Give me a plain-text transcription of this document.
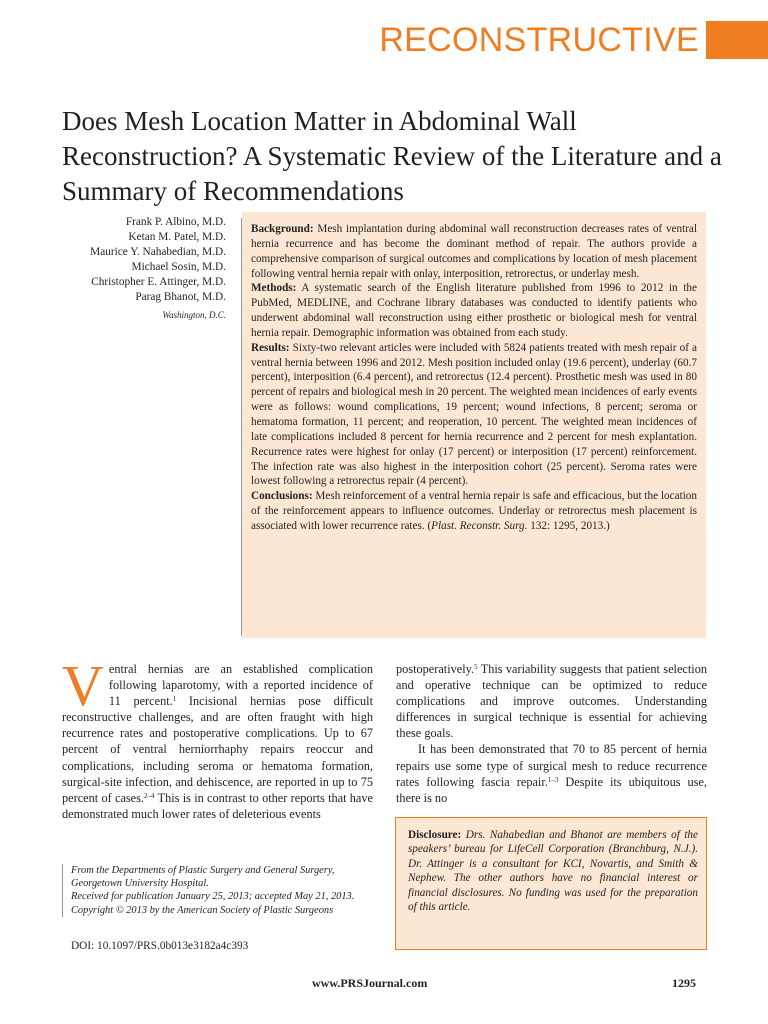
RECONSTRUCTIVE
Does Mesh Location Matter in Abdominal Wall Reconstruction? A Systematic Review of the Literature and a Summary of Recommendations
Frank P. Albino, M.D.
Ketan M. Patel, M.D.
Maurice Y. Nahabedian, M.D.
Michael Sosin, M.D.
Christopher E. Attinger, M.D.
Parag Bhanot, M.D.
Washington, D.C.

Background: Mesh implantation during abdominal wall reconstruction decreases rates of ventral hernia recurrence and has become the dominant method of repair. The authors provide a comprehensive comparison of surgical outcomes and complications by location of mesh placement following ventral hernia repair with onlay, interposition, retrorectus, or underlay mesh.

Methods: A systematic search of the English literature published from 1996 to 2012 in the PubMed, MEDLINE, and Cochrane library databases was conducted to identify patients who underwent abdominal wall reconstruction using either prosthetic or biological mesh for ventral hernia repair. Demographic information was obtained from each study.

Results: Sixty-two relevant articles were included with 5824 patients treated with mesh repair of a ventral hernia between 1996 and 2012. Mesh position included onlay (19.6 percent), underlay (60.7 percent), interposition (6.4 percent), and retrorectus (12.4 percent). Prosthetic mesh was used in 80 percent of repairs and biological mesh in 20 percent. The weighted mean incidences of early events were as follows: wound complications, 19 percent; wound infections, 8 percent; seroma or hematoma formation, 11 percent; and reoperation, 10 percent. The weighted mean incidences of late complications included 8 percent for hernia recurrence and 2 percent for mesh explantation. Recurrence rates were highest for onlay (17 percent) or interposition (17 percent) reinforcement. The infection rate was also highest in the interposition cohort (25 percent). Seroma rates were lowest following a retrorectus repair (4 percent).

Conclusions: Mesh reinforcement of a ventral hernia repair is safe and efficacious, but the location of the reinforcement appears to influence outcomes. Underlay or retrorectus mesh placement is associated with lower recurrence rates. (Plast. Reconstr. Surg. 132: 1295, 2013.)

Ventral hernias are an established complication following laparotomy, with a reported incidence of 11 percent.$^1$ Incisional hernias pose difficult reconstructive challenges, and are often fraught with high recurrence rates and postoperative complications. Up to 67 percent of ventral herniorrhaphy repairs reoccur and complications, including seroma or hematoma formation, surgical-site infection, and dehiscence, are reported in up to 75 percent of cases.$^{2-4}$ This is in contrast to other reports that have demonstrated much lower rates of deleterious events

postoperatively.$^5$ This variability suggests that patient selection and operative technique can be optimized to reduce complications and improve outcomes. Understanding differences in surgical technique is essential for achieving these goals.

It has been demonstrated that 70 to 85 percent of hernia repairs use some type of surgical mesh to reduce recurrence rates following fascia repair.$^{1-3}$ Despite its ubiquitous use, there is no

From the Departments of Plastic Surgery and General Surgery, Georgetown University Hospital.

Received for publication January 25, 2013; accepted May 21, 2013.

Copyright © 2013 by the American Society of Plastic Surgeons

DOI: 10.1097/PRS.0b013e3182a4c393
Disclosure: Drs. Nahabedian and Bhanot are members of the speakers’ bureau for LifeCell Corporation (Branchburg, N.J.). Dr. Attinger is a consultant for KCI, Novartis, and Smith & Nephew. The other authors have no financial interest or financial disclosures. No funding was used for the preparation of this article.
www.PRSJournal.com	1295
